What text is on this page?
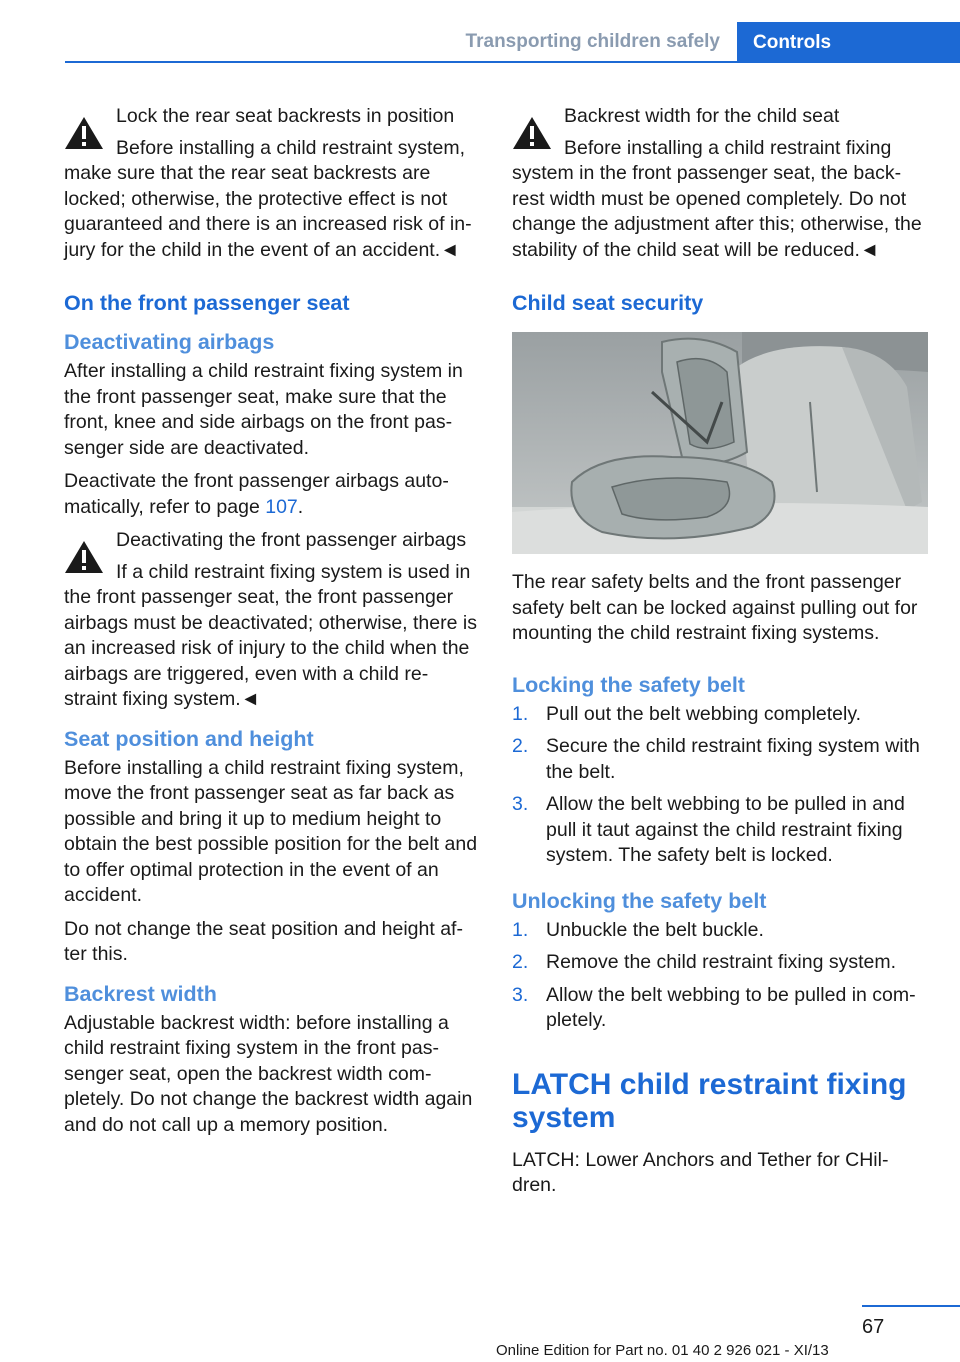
Transporting children safely	Controls

Lock the rear seat backrests in position

Before installing a child restraint system, make sure that the rear seat backrests are locked; otherwise, the protective effect is not guaranteed and there is an increased risk of in‐jury for the child in the event of an accident.◄

On the front passenger seat
Deactivating airbags

After installing a child restraint fixing system in the front passenger seat, make sure that the front, knee and side airbags on the front pas‐senger side are deactivated.

Deactivate the front passenger airbags auto‐matically, refer to page 107.

Deactivating the front passenger airbags

If a child restraint fixing system is used in the front passenger seat, the front passenger airbags must be deactivated; otherwise, there is an increased risk of injury to the child when the airbags are triggered, even with a child re‐straint fixing system.◄

Seat position and height

Before installing a child restraint fixing system, move the front passenger seat as far back as possible and bring it up to medium height to obtain the best possible position for the belt and to offer optimal protection in the event of an accident.

Do not change the seat position and height af‐ter this.

Backrest width

Adjustable backrest width: before installing a child restraint fixing system in the front pas‐senger seat, open the backrest width com‐pletely. Do not change the backrest width again and do not call up a memory position.

Backrest width for the child seat

Before installing a child restraint fixing system in the front passenger seat, the back‐rest width must be opened completely. Do not change the adjustment after this; otherwise, the stability of the child seat will be reduced.◄

Child seat security

The rear safety belts and the front passenger safety belt can be locked against pulling out for mounting the child restraint fixing systems.

Locking the safety belt
1. Pull out the belt webbing completely.
2. Secure the child restraint fixing system with the belt.
3. Allow the belt webbing to be pulled in and pull it taut against the child restraint fixing system. The safety belt is locked.
Unlocking the safety belt
1. Unbuckle the belt buckle.
2. Remove the child restraint fixing system.
3. Allow the belt webbing to be pulled in com‐pletely.
LATCH child restraint fixing system

LATCH: Lower Anchors and Tether for CHil‐dren.

67
Online Edition for Part no. 01 40 2 926 021 - XI/13
